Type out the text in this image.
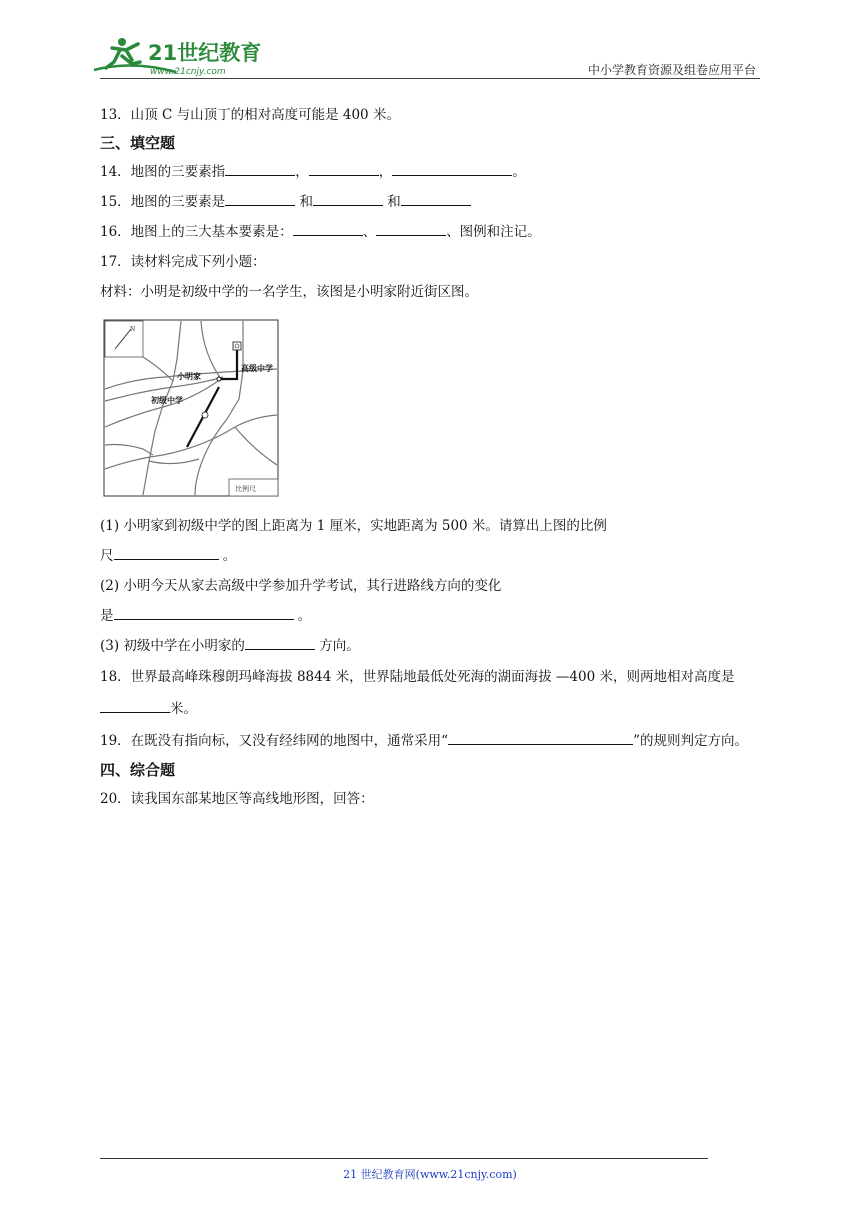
21世纪教育
www.21cnjy.com	中小学教育资源及组卷应用平台
13．山顶 C 与山顶丁的相对高度可能是 400 米。
三、填空题
14．地图的三要素指	，	，	。
15．地图的三要素是	和	和
16．地图上的三大基本要素是：	、	、图例和注记。
17．读材料完成下列小题：
材料：小明是初级中学的一名学生，该图是小明家附近街区图。
N
小明家
高级中学
初级中学
比例尺
(1) 小明家到初级中学的图上距离为 1 厘米，实地距离为 500 米。请算出上图的比例
尺	。
(2) 小明今天从家去高级中学参加升学考试，其行进路线方向的变化
是	。
(3) 初级中学在小明家的	方向。
18．世界最高峰珠穆朗玛峰海拔 8844 米，世界陆地最低处死海的湖面海拔 —400 米，则两地相对高度是米。
19．在既没有指向标，又没有经纬网的地图中，通常采用“	”的规则判定方向。
四、综合题
20．读我国东部某地区等高线地形图，回答：
21 世纪教育网(www.21cnjy.com)
